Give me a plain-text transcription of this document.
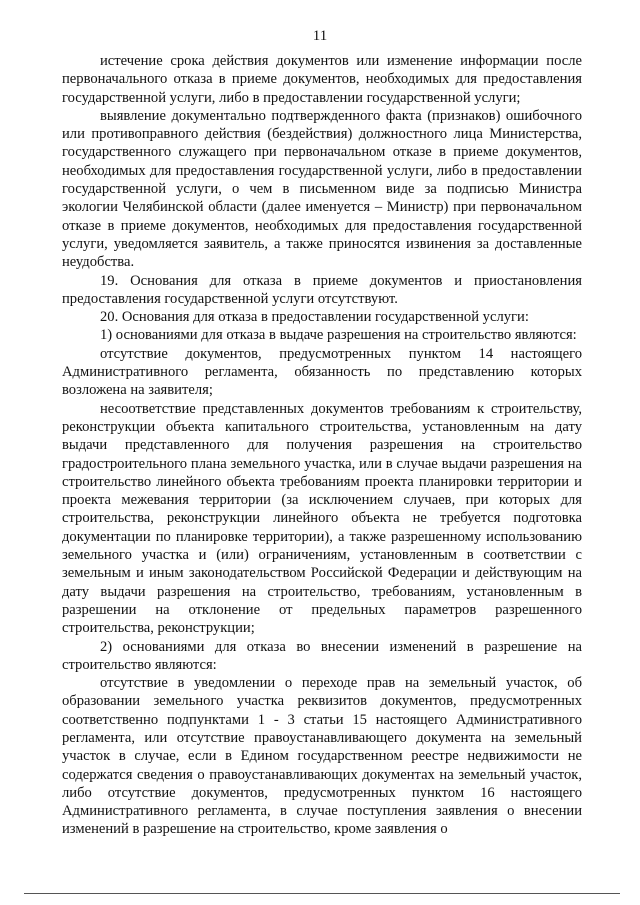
11

истечение срока действия документов или изменение информации после первоначального отказа в приеме документов, необходимых для предоставления государственной услуги, либо в предоставлении государственной услуги;

выявление документально подтвержденного факта (признаков) ошибочного или противоправного действия (бездействия) должностного лица Министерства, государственного служащего при первоначальном отказе в приеме документов, необходимых для предоставления государственной услуги, либо в предоставлении государственной услуги, о чем в письменном виде за подписью Министра экологии Челябинской области (далее именуется – Министр) при первоначальном отказе в приеме документов, необходимых для предоставления государственной услуги, уведомляется заявитель, а также приносятся извинения за доставленные неудобства.

19. Основания для отказа в приеме документов и приостановления предоставления государственной услуги отсутствуют.

20. Основания для отказа в предоставлении государственной услуги:

1) основаниями для отказа в выдаче разрешения на строительство являются:

отсутствие документов, предусмотренных пунктом 14 настоящего Административного регламента, обязанность по представлению которых возложена на заявителя;

несоответствие представленных документов требованиям к строительству, реконструкции объекта капитального строительства, установленным на дату выдачи представленного для получения разрешения на строительство градостроительного плана земельного участка, или в случае выдачи разрешения на строительство линейного объекта требованиям проекта планировки территории и проекта межевания территории (за исключением случаев, при которых для строительства, реконструкции линейного объекта не требуется подготовка документации по планировке территории), а также разрешенному использованию земельного участка и (или) ограничениям, установленным в соответствии с земельным и иным законодательством Российской Федерации и действующим на дату выдачи разрешения на строительство, требованиям, установленным в разрешении на отклонение от предельных параметров разрешенного строительства, реконструкции;

2) основаниями для отказа во внесении изменений в разрешение на строительство являются:

отсутствие в уведомлении о переходе прав на земельный участок, об образовании земельного участка реквизитов документов, предусмотренных соответственно подпунктами 1 - 3 статьи 15 настоящего Административного регламента, или отсутствие правоустанавливающего документа на земельный участок в случае, если в Едином государственном реестре недвижимости не содержатся сведения о правоустанавливающих документах на земельный участок, либо отсутствие документов, предусмотренных пунктом 16 настоящего Административного регламента, в случае поступления заявления о внесении изменений в разрешение на строительство, кроме заявления о
